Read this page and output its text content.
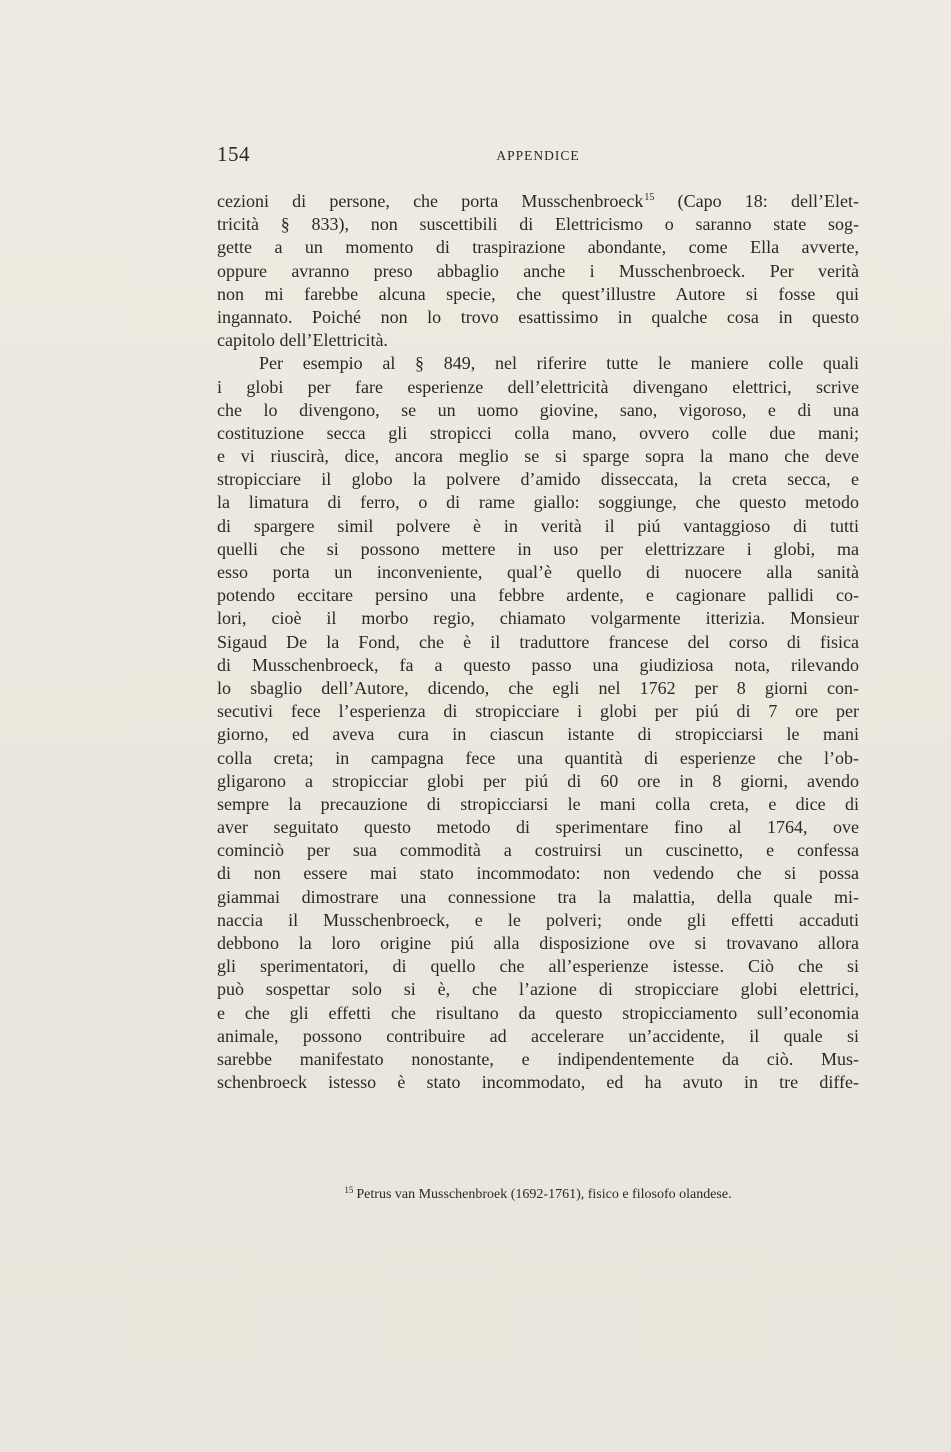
154	APPENDICE
cezioni di persone, che porta Musschenbroeck$^{15}$ (Capo 18: dell’Elet-
tricità § 833), non suscettibili di Elettricismo o saranno state sog-
gette a un momento di traspirazione abondante, come Ella avverte,
oppure avranno preso abbaglio anche i Musschenbroeck. Per verità
non mi farebbe alcuna specie, che quest’illustre Autore si fosse qui
ingannato. Poiché non lo trovo esattissimo in qualche cosa in questo
capitolo dell’Elettricità.
Per esempio al § 849, nel riferire tutte le maniere colle quali
i globi per fare esperienze dell’elettricità divengano elettrici, scrive
che lo divengono, se un uomo giovine, sano, vigoroso, e di una
costituzione secca gli stropicci colla mano, ovvero colle due mani;
e vi riuscirà, dice, ancora meglio se si sparge sopra la mano che deve
stropicciare il globo la polvere d’amido disseccata, la creta secca, e
la limatura di ferro, o di rame giallo: soggiunge, che questo metodo
di spargere simil polvere è in verità il piú vantaggioso di tutti
quelli che si possono mettere in uso per elettrizzare i globi, ma
esso porta un inconveniente, qual’è quello di nuocere alla sanità
potendo eccitare persino una febbre ardente, e cagionare pallidi co-
lori, cioè il morbo regio, chiamato volgarmente itterizia. Monsieur
Sigaud De la Fond, che è il traduttore francese del corso di fisica
di Musschenbroeck, fa a questo passo una giudiziosa nota, rilevando
lo sbaglio dell’Autore, dicendo, che egli nel 1762 per 8 giorni con-
secutivi fece l’esperienza di stropicciare i globi per piú di 7 ore per
giorno, ed aveva cura in ciascun istante di stropicciarsi le mani
colla creta; in campagna fece una quantità di esperienze che l’ob-
gligarono a stropicciar globi per piú di 60 ore in 8 giorni, avendo
sempre la precauzione di stropicciarsi le mani colla creta, e dice di
aver seguitato questo metodo di sperimentare fino al 1764, ove
cominciò per sua commodità a costruirsi un cuscinetto, e confessa
di non essere mai stato incommodato: non vedendo che si possa
giammai dimostrare una connessione tra la malattia, della quale mi-
naccia il Musschenbroeck, e le polveri; onde gli effetti accaduti
debbono la loro origine piú alla disposizione ove si trovavano allora
gli sperimentatori, di quello che all’esperienze istesse. Ciò che si
può sospettar solo si è, che l’azione di stropicciare globi elettrici,
e che gli effetti che risultano da questo stropicciamento sull’economia
animale, possono contribuire ad accelerare un’accidente, il quale si
sarebbe manifestato nonostante, e indipendentemente da ciò. Mus-
schenbroeck istesso è stato incommodato, ed ha avuto in tre diffe-
$^{15}$ Petrus van Musschenbroek (1692-1761), fisico e filosofo olandese.
